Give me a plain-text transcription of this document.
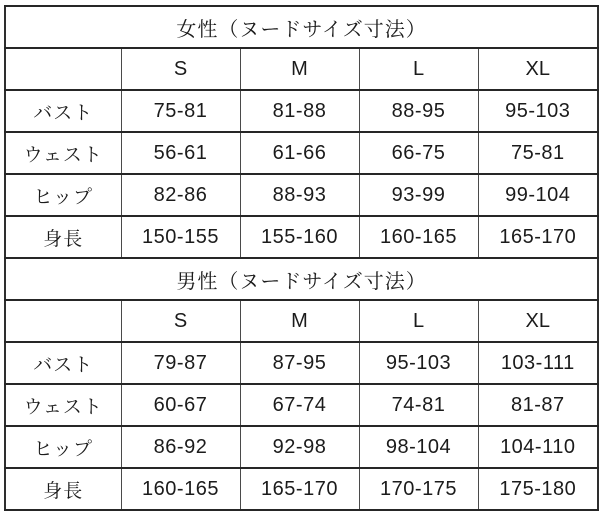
女性（ヌードサイズ寸法）				
	S	M	L	XL
バスト	75-81	81-88	88-95	95-103
ウェスト	56-61	61-66	66-75	75-81
ヒップ	82-86	88-93	93-99	99-104
身長	150-155	155-160	160-165	165-170
男性（ヌードサイズ寸法）				
	S	M	L	XL
バスト	79-87	87-95	95-103	103-111
ウェスト	60-67	67-74	74-81	81-87
ヒップ	86-92	92-98	98-104	104-110
身長	160-165	165-170	170-175	175-180
